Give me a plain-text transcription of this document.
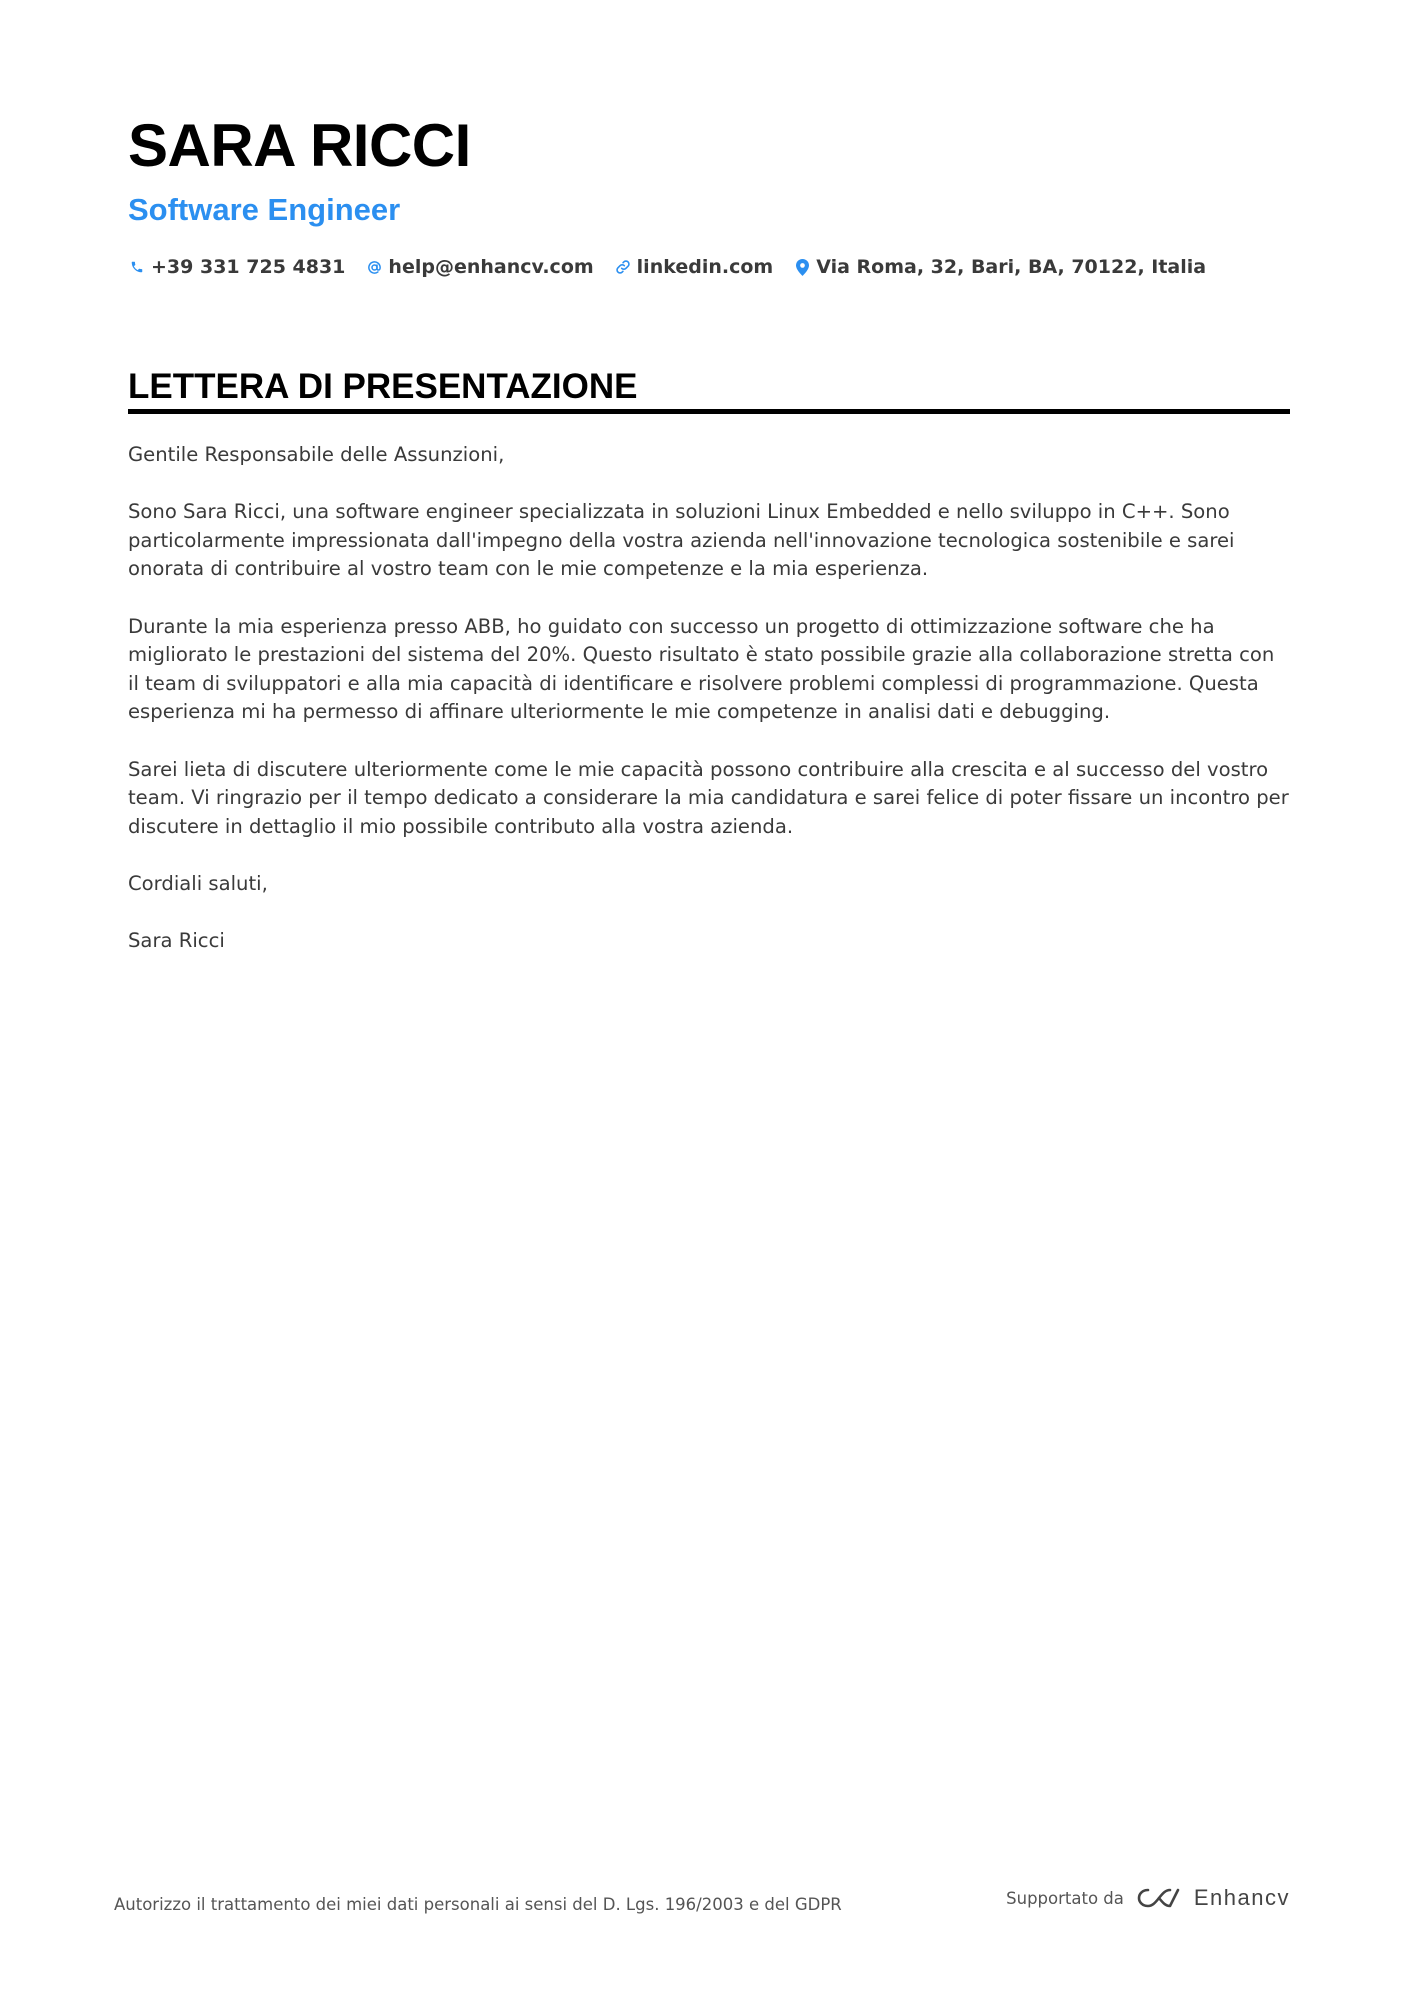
SARA RICCI
Software Engineer
+39 331 725 4831 help@enhancv.com linkedin.com Via Roma, 32, Bari, BA, 70122, Italia
LETTERA DI PRESENTAZIONE

Gentile Responsabile delle Assunzioni,

Sono Sara Ricci, una software engineer specializzata in soluzioni Linux Embedded e nello sviluppo in C++. Sono particolarmente impressionata dall'impegno della vostra azienda nell'innovazione tecnologica sostenibile e sarei onorata di contribuire al vostro team con le mie competenze e la mia esperienza.

Durante la mia esperienza presso ABB, ho guidato con successo un progetto di ottimizzazione software che ha migliorato le prestazioni del sistema del 20%. Questo risultato è stato possibile grazie alla collaborazione stretta con il team di sviluppatori e alla mia capacità di identificare e risolvere problemi complessi di programmazione. Questa esperienza mi ha permesso di affinare ulteriormente le mie competenze in analisi dati e debugging.

Sarei lieta di discutere ulteriormente come le mie capacità possono contribuire alla crescita e al successo del vostro team. Vi ringrazio per il tempo dedicato a considerare la mia candidatura e sarei felice di poter fissare un incontro per discutere in dettaglio il mio possibile contributo alla vostra azienda.

Cordiali saluti,

Sara Ricci

Autorizzo il trattamento dei miei dati personali ai sensi del D. Lgs. 196/2003 e del GDPR	Supportato da	Enhancv
